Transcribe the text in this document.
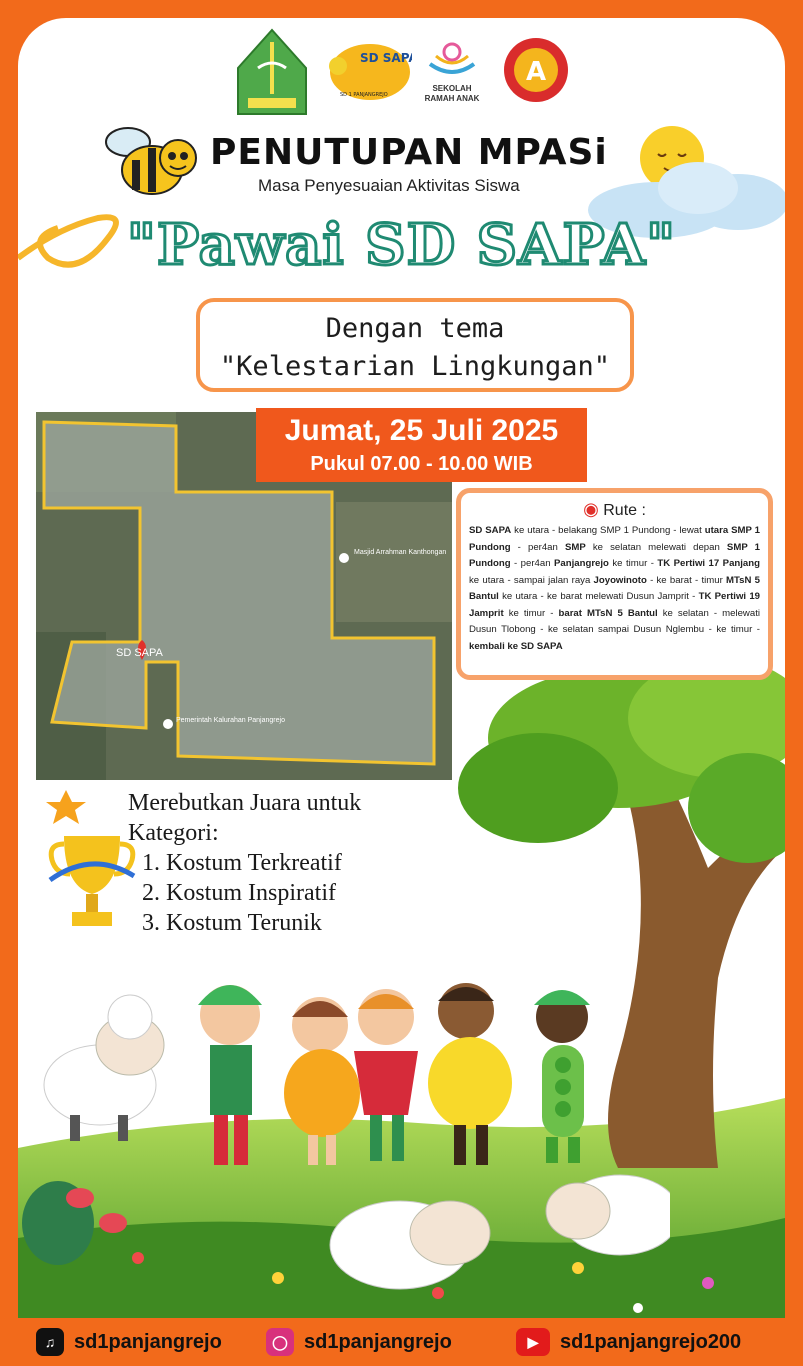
SD SAPA
SD 1 PANJANGREJO
SEKOLAH
RAMAH ANAK
A
PENUTUPAN MPASi
Masa Penyesuaian Aktivitas Siswa
"Pawai SD SAPA"
Dengan tema
"Kelestarian Lingkungan"
SD SAPA
Masjid Arrahman Kanthongan
Pemerintah Kalurahan Panjangrejo
Jumat, 25 Juli 2025
Pukul 07.00 - 10.00 WIB
◉ Rute :
SD SAPA ke utara - belakang SMP 1 Pundong - lewat utara SMP 1 Pundong - per4an SMP ke selatan melewati depan SMP 1 Pundong - per4an Panjangrejo ke timur - TK Pertiwi 17 Panjang ke utara - sampai jalan raya Joyowinoto - ke barat - timur MTsN 5 Bantul ke utara - ke barat melewati Dusun Jamprit - TK Pertiwi 19 Jamprit ke timur - barat MTsN 5 Bantul ke selatan - melewati Dusun Tlobong - ke selatan sampai Dusun Nglembu - ke timur - kembali ke SD SAPA
Merebutkan Juara untuk
Kategori:
1. Kostum Terkreatif
2. Kostum Inspiratif
3. Kostum Terunik
♫ sd1panjangrejo	◯ sd1panjangrejo	▶	sd1panjangrejo200
